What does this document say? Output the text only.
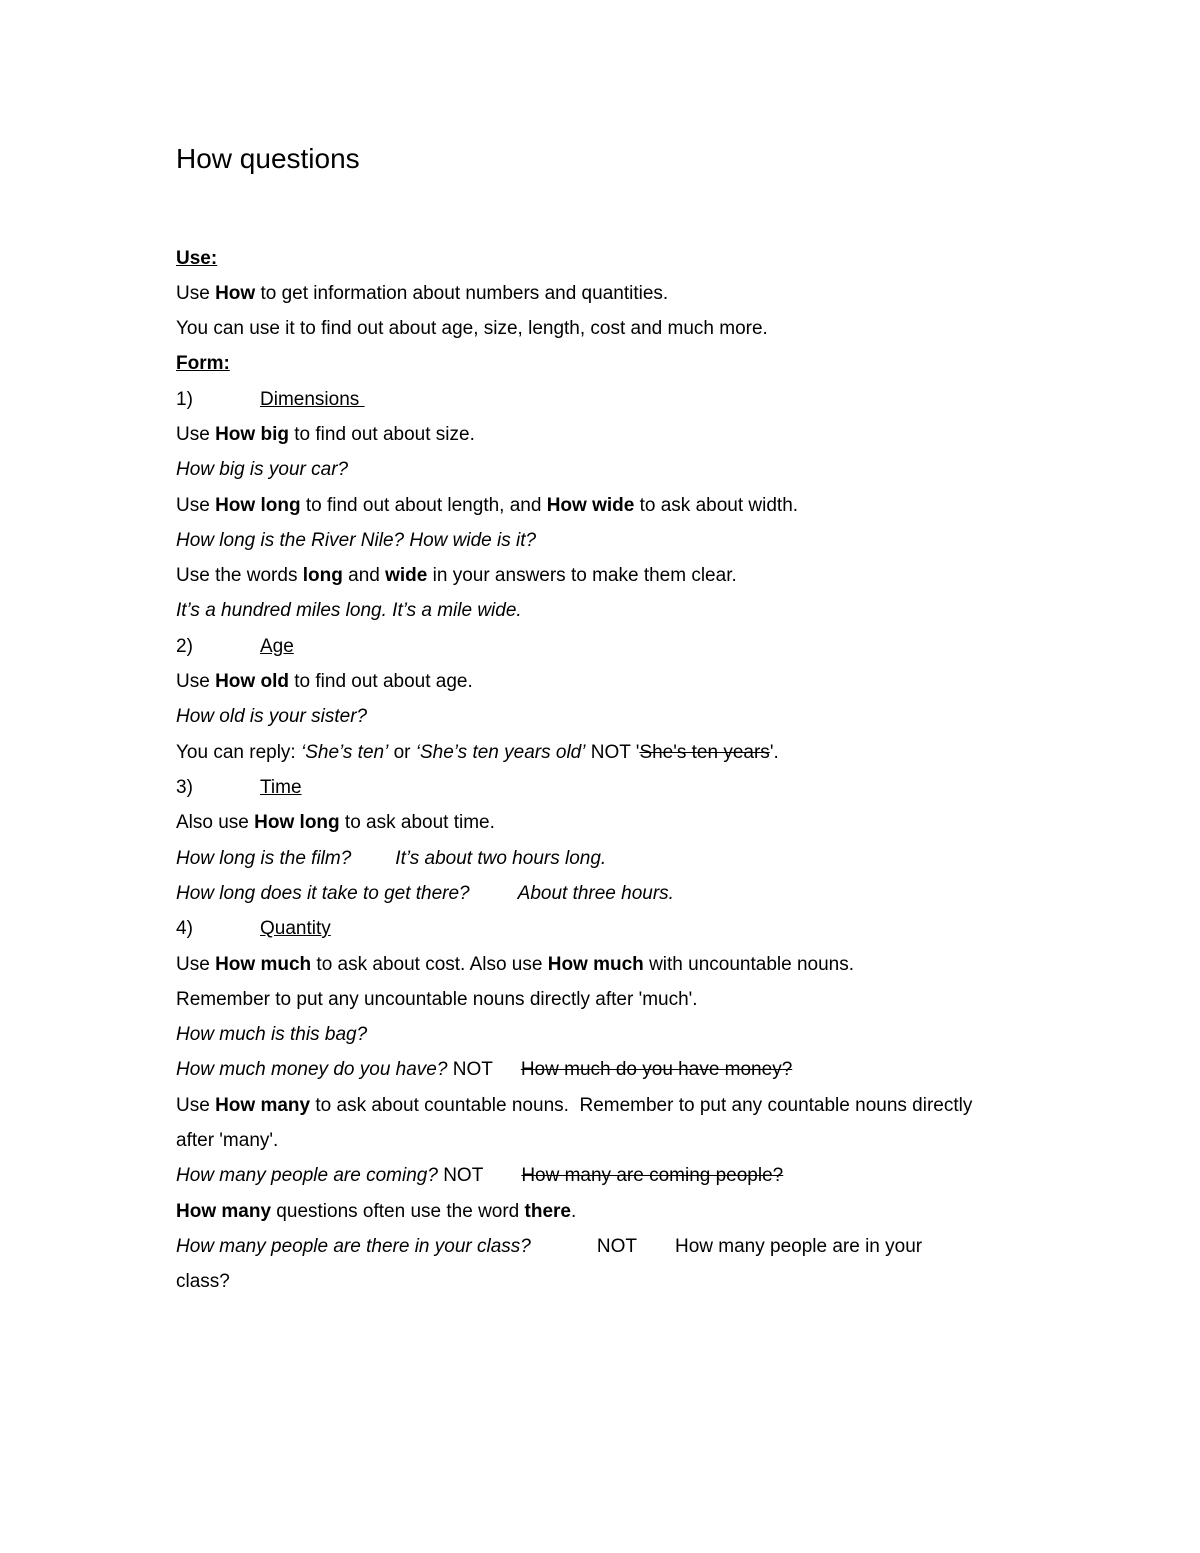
How questions
Use:
Use How to get information about numbers and quantities.
You can use it to find out about age, size, length, cost and much more.
Form:
1)	Dimensions
Use How big to find out about size.
How big is your car?
Use How long to find out about length, and How wide to ask about width.
How long is the River Nile? How wide is it?
Use the words long and wide in your answers to make them clear.
It’s a hundred miles long. It’s a mile wide.
2)	Age
Use How old to find out about age.
How old is your sister?
You can reply: ‘She’s ten’ or ‘She’s ten years old’ NOT 'She's ten years'.
3)	Time
Also use How long to ask about time.
How long is the film? It’s about two hours long.
How long does it take to get there?	About three hours.
4)	Quantity
Use How much to ask about cost. Also use How much with uncountable nouns.
Remember to put any uncountable nouns directly after 'much'.
How much is this bag?
How much money do you have? NOT How much do you have money?
Use How many to ask about countable nouns.  Remember to put any countable nouns directly
after 'many'.
How many people are coming? NOT How many are coming people?
How many questions often use the word there.
How many people are there in your class?	NOT How many people are in your
class?
